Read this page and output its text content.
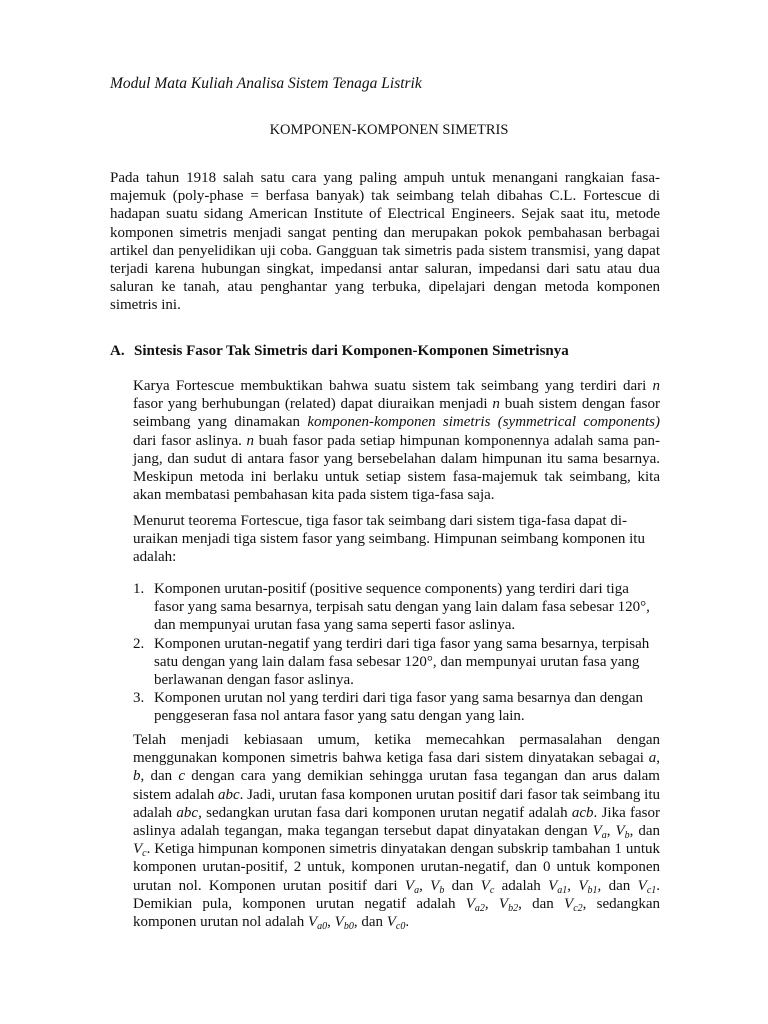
Modul Mata Kuliah Analisa Sistem Tenaga Listrik
KOMPONEN-KOMPONEN SIMETRIS

Pada tahun 1918 salah satu cara yang paling ampuh untuk menangani rangkaian fasa-majemuk (poly-phase = berfasa banyak) tak seimbang telah dibahas C.L. Fortescue di hadapan suatu sidang American Institute of Electrical Engineers. Sejak saat itu, metode komponen simetris menjadi sangat penting dan merupakan pokok pembahasan berbagai artikel dan penyelidikan uji coba. Gangguan tak simetris pada sistem transmisi, yang dapat terjadi karena hubungan singkat, impedansi antar saluran, impedansi dari satu atau dua saluran ke tanah, atau penghantar yang terbuka, dipelajari dengan metoda komponen simetris ini.

A. Sintesis Fasor Tak Simetris dari Komponen-Komponen Simetrisnya

Karya Fortescue membuktikan bahwa suatu sistem tak seimbang yang terdiri dari n fasor yang berhubungan (related) dapat diuraikan menjadi n buah sistem dengan fasor seimbang yang dinamakan komponen-komponen simetris (symmetrical components) dari fasor aslinya. n buah fasor pada setiap himpunan komponennya adalah sama pan-jang, dan sudut di antara fasor yang bersebelahan dalam himpunan itu sama besarnya. Meskipun metoda ini berlaku untuk setiap sistem fasa-majemuk tak seimbang, kita akan membatasi pembahasan kita pada sistem tiga-fasa saja.

Menurut teorema Fortescue, tiga fasor tak seimbang dari sistem tiga-fasa dapat di-uraikan menjadi tiga sistem fasor yang seimbang. Himpunan seimbang komponen itu adalah:

1. Komponen urutan-positif (positive sequence components) yang terdiri dari tiga fasor yang sama besarnya, terpisah satu dengan yang lain dalam fasa sebesar 120°, dan mempunyai urutan fasa yang sama seperti fasor aslinya.
2. Komponen urutan-negatif yang terdiri dari tiga fasor yang sama besarnya, terpisah satu dengan yang lain dalam fasa sebesar 120°, dan mempunyai urutan fasa yang berlawanan dengan fasor aslinya.
3. Komponen urutan nol yang terdiri dari tiga fasor yang sama besarnya dan dengan penggeseran fasa nol antara fasor yang satu dengan yang lain.

Telah menjadi kebiasaan umum, ketika memecahkan permasalahan dengan menggunakan komponen simetris bahwa ketiga fasa dari sistem dinyatakan sebagai a, b, dan c dengan cara yang demikian sehingga urutan fasa tegangan dan arus dalam sistem adalah abc. Jadi, urutan fasa komponen urutan positif dari fasor tak seimbang itu adalah abc, sedangkan urutan fasa dari komponen urutan negatif adalah acb. Jika fasor aslinya adalah tegangan, maka tegangan tersebut dapat dinyatakan dengan $V_a$, $V_b$, dan $V_c$. Ketiga himpunan komponen simetris dinyatakan dengan subskrip tambahan 1 untuk komponen urutan-positif, 2 untuk, komponen urutan-negatif, dan 0 untuk komponen urutan nol. Komponen urutan positif dari $V_a$, $V_b$ dan $V_c$ adalah $V_{a1}$, $V_{b1}$, dan $V_{c1}$. Demikian pula, komponen urutan negatif adalah $V_{a2}$, $V_{b2}$, dan $V_{c2}$, sedangkan komponen urutan nol adalah $V_{a0}$, $V_{b0}$, dan $V_{c0}$.
